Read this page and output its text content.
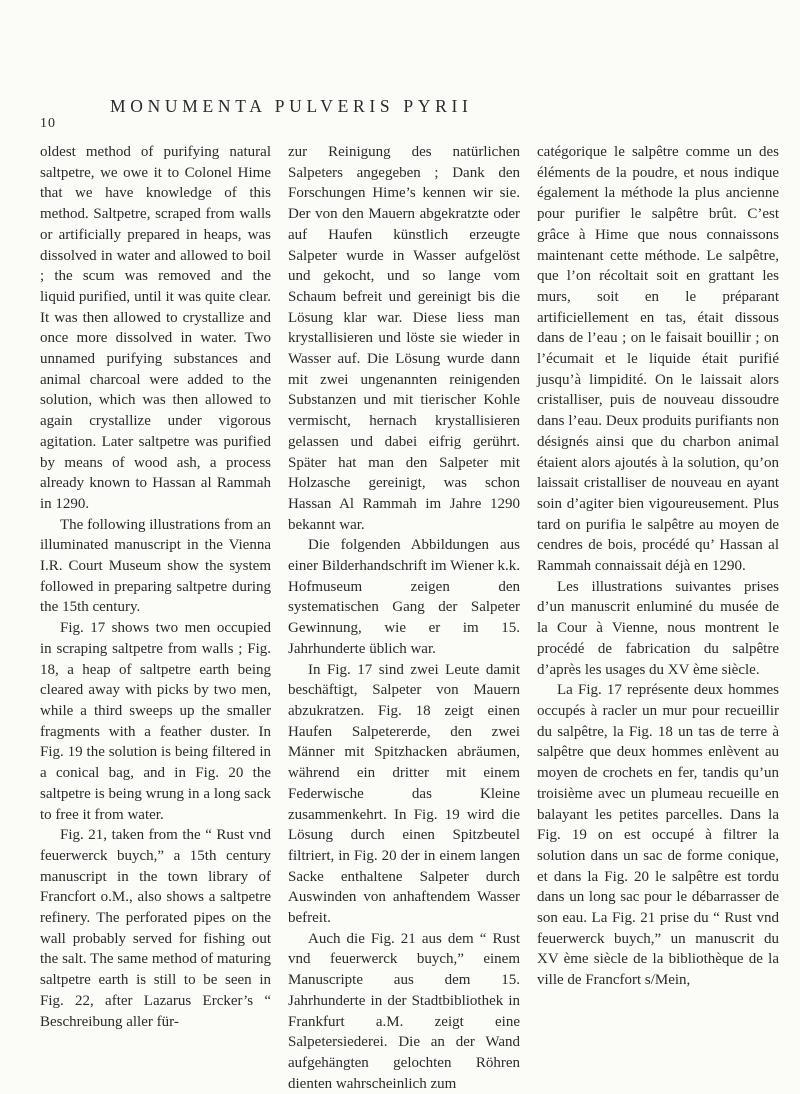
10
MONUMENTA PULVERIS PYRII

oldest method of purifying natural saltpetre, we owe it to Colonel Hime that we have knowledge of this method. Saltpetre, scraped from walls or artificially prepared in heaps, was dissolved in water and allowed to boil ; the scum was removed and the liquid purified, until it was quite clear. It was then allowed to crystallize and once more dissolved in water. Two unnamed purifying substances and animal charcoal were added to the solution, which was then allowed to again crystallize under vigorous agitation. Later saltpetre was purified by means of wood ash, a process already known to Hassan al Rammah in 1290.

The following illustrations from an illuminated manuscript in the Vienna I.R. Court Museum show the system followed in preparing saltpetre during the 15th century.

Fig. 17 shows two men occupied in scraping saltpetre from walls ; Fig. 18, a heap of saltpetre earth being cleared away with picks by two men, while a third sweeps up the smaller fragments with a feather duster. In Fig. 19 the solution is being filtered in a conical bag, and in Fig. 20 the saltpetre is being wrung in a long sack to free it from water.

Fig. 21, taken from the “ Rust vnd feuerwerck buych,” a 15th century manuscript in the town library of Francfort o.M., also shows a saltpetre refinery. The perforated pipes on the wall probably served for fishing out the salt. The same method of maturing saltpetre earth is still to be seen in Fig. 22, after Lazarus Ercker’s “ Beschreibung aller für-

zur Reinigung des natürlichen Salpeters angegeben ; Dank den Forschungen Hime’s kennen wir sie. Der von den Mauern abgekratzte oder auf Haufen künstlich erzeugte Salpeter wurde in Wasser aufgelöst und gekocht, und so lange vom Schaum befreit und gereinigt bis die Lösung klar war. Diese liess man krystallisieren und löste sie wieder in Wasser auf. Die Lösung wurde dann mit zwei ungenannten reinigenden Substanzen und mit tierischer Kohle vermischt, hernach krystallisieren gelassen und dabei eifrig gerührt. Später hat man den Salpeter mit Holzasche gereinigt, was schon Hassan Al Rammah im Jahre 1290 bekannt war.

Die folgenden Abbildungen aus einer Bilderhandschrift im Wiener k.k. Hofmuseum zeigen den systematischen Gang der Salpeter Gewinnung, wie er im 15. Jahrhunderte üblich war.

In Fig. 17 sind zwei Leute damit beschäftigt, Salpeter von Mauern abzukratzen. Fig. 18 zeigt einen Haufen Salpetererde, den zwei Männer mit Spitzhacken abräumen, während ein dritter mit einem Federwische das Kleine zusammenkehrt. In Fig. 19 wird die Lösung durch einen Spitzbeutel filtriert, in Fig. 20 der in einem langen Sacke enthaltene Salpeter durch Auswinden von anhaftendem Wasser befreit.

Auch die Fig. 21 aus dem “ Rust vnd feuerwerck buych,” einem Manuscripte aus dem 15. Jahrhunderte in der Stadtbibliothek in Frankfurt a.M. zeigt eine Salpetersiederei. Die an der Wand aufgehängten gelochten Röhren dienten wahrscheinlich zum

catégorique le salpêtre comme un des éléments de la poudre, et nous indique également la méthode la plus ancienne pour purifier le salpêtre brût. C’est grâce à Hime que nous connaissons maintenant cette méthode. Le salpêtre, que l’on récoltait soit en grattant les murs, soit en le préparant artificiellement en tas, était dissous dans de l’eau ; on le faisait bouillir ; on l’écumait et le liquide était purifié jusqu’à limpidité. On le laissait alors cristalliser, puis de nouveau dissoudre dans l’eau. Deux produits purifiants non désignés ainsi que du charbon animal étaient alors ajoutés à la solution, qu’on laissait cristalliser de nouveau en ayant soin d’agiter bien vigoureusement. Plus tard on purifia le salpêtre au moyen de cendres de bois, procédé qu’ Hassan al Rammah connaissait déjà en 1290.

Les illustrations suivantes prises d’un manuscrit enluminé du musée de la Cour à Vienne, nous montrent le procédé de fabrication du salpêtre d’après les usages du XV ème siècle.

La Fig. 17 représente deux hommes occupés à racler un mur pour recueillir du salpêtre, la Fig. 18 un tas de terre à salpêtre que deux hommes enlèvent au moyen de crochets en fer, tandis qu’un troisième avec un plumeau recueille en balayant les petites parcelles. Dans la Fig. 19 on est occupé à filtrer la solution dans un sac de forme conique, et dans la Fig. 20 le salpêtre est tordu dans un long sac pour le débarrasser de son eau. La Fig. 21 prise du “ Rust vnd feuerwerck buych,” un manuscrit du XV ème siècle de la bibliothèque de la ville de Francfort s/Mein,
